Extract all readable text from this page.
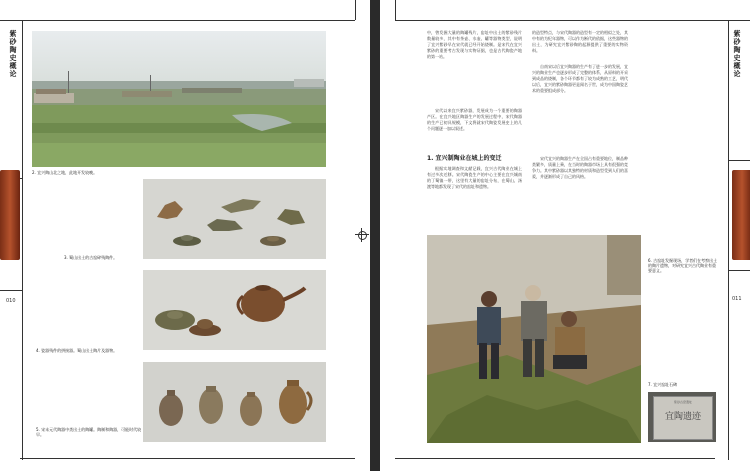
紫砂陶史概论
010
2. 宜兴陶山北之地，此地开发较晚。
3. 蜀山出土的古窑碎残陶件。
4. 瓷器残件的拼接器。蜀山出土陶片及器物。
5. 宋末元代陶器中类出土的陶罐。陶制和陶器，可能时代较早。
紫砂陶史概论
011
中，曾发掘大量的陶罐残片，窑址中出土的紫砂残片数量较多，其中有茶壶、水壶、罐等器物类型，说明了宜兴紫砂早在宋代就已经开始烧制。是宋代在宜兴紫砂的重要考古发现与实物证据，也是古代陶瓷产地的第一站。
宋代以来宜兴紫砂器，发展成为一个重要的陶器产区。在宜兴地区陶器生产的发展过程中，宋代陶器的生产已初具规模，下文将就宋代陶瓷发展史上的几个问题逐一加以叙述。
1. 宜兴制陶业在城上的变迁
根据实地调查和文献记载，宜兴古代陶业在城上有过多次迁移。宋代陶瓷生产的中心主要在宜兴城南的丁蜀镇一带，这里有大量的窑址分布，在蜀山、汤渡等地都发现了宋代的窑址和遗物。
的造型特点，与宋代陶器的造型有一定的相似之处，其中有的为纪年器物，可以作为断代的依据，这些器物的出土，为研究宜兴紫砂陶的起源提供了重要的实物资料。
自南宋以后宜兴陶器的生产有了进一步的发展，宜兴的陶业生产也逐步形成了完整的体系，从原料的开采到成品的烧制，各个环节都有了较为成熟的工艺，明代以后，宜兴的紫砂陶器更是闻名于世，成为中国陶瓷艺术的重要组成部分。
宋代宜兴的陶器生产在全国占有重要地位，制品种类繁多，质量上乘，在当时的陶器市场上具有很强的竞争力。其中紫砂器以其独特的材质和造型受到人们的喜爱，并逐渐形成了自己的风格。
6. 古窑址发掘现场，学者们在考察出土的陶片遗物，对研究宜兴古代陶业有重要意义。
7. 宜兴窑址石碑
紫砂古窑遗址
宜陶遗迹
